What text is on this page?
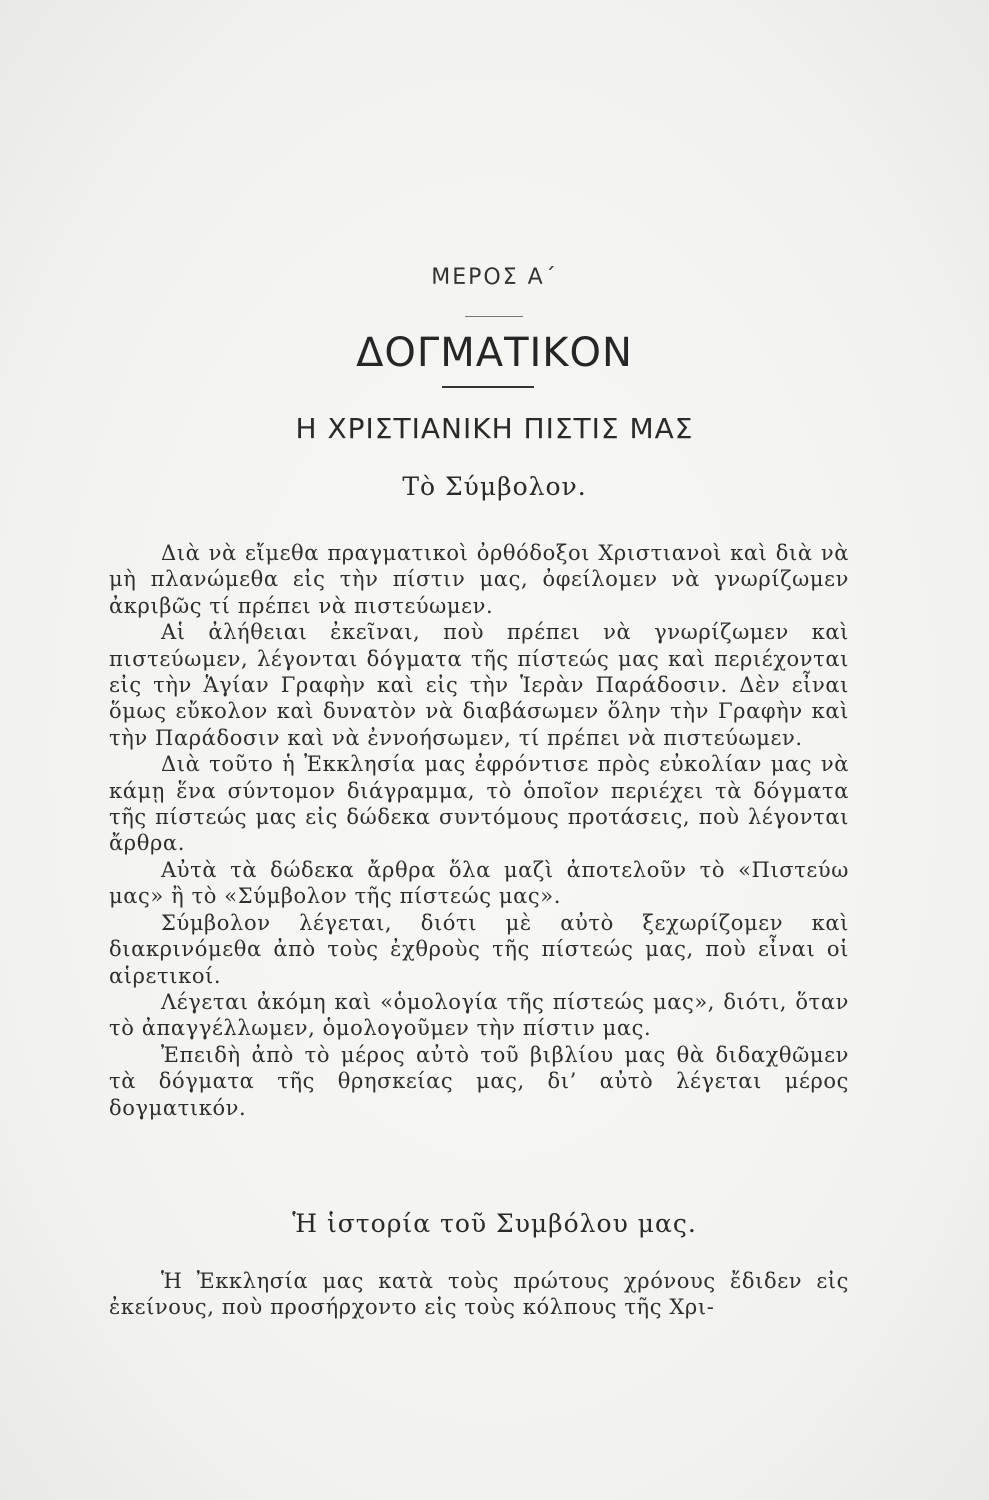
ΜΕΡΟΣ Α΄
ΔΟΓΜΑΤΙΚΟΝ
Η ΧΡΙΣΤΙΑΝΙΚΗ ΠΙΣΤΙΣ ΜΑΣ
Τὸ Σύμβολον.

Διὰ νὰ εἴμεθα πραγματικοὶ ὀρθόδοξοι Χριστιανοὶ καὶ διὰ νὰ μὴ πλανώμεθα εἰς τὴν πίστιν μας, ὀφείλομεν νὰ γνωρίζωμεν ἀκριβῶς τί πρέπει νὰ πιστεύωμεν.

Αἱ ἀλήθειαι ἐκεῖναι, ποὺ πρέπει νὰ γνωρίζωμεν καὶ πιστεύωμεν, λέγονται δόγματα τῆς πίστεώς μας καὶ περιέχονται εἰς τὴν Ἁγίαν Γραφὴν καὶ εἰς τὴν Ἱερὰν Παράδοσιν. Δὲν εἶναι ὅμως εὔκολον καὶ δυνατὸν νὰ διαβάσωμεν ὅλην τὴν Γραφὴν καὶ τὴν Παράδοσιν καὶ νὰ ἐννοήσωμεν, τί πρέπει νὰ πιστεύωμεν.

Διὰ τοῦτο ἡ Ἐκκλησία μας ἐφρόντισε πρὸς εὐκολίαν μας νὰ κάμῃ ἕνα σύντομον διάγραμμα, τὸ ὁποῖον περιέχει τὰ δόγματα τῆς πίστεώς μας εἰς δώδεκα συντόμους προτάσεις, ποὺ λέγονται ἄρθρα.

Αὐτὰ τὰ δώδεκα ἄρθρα ὅλα μαζὶ ἀποτελοῦν τὸ «Πιστεύω μας» ἢ τὸ «Σύμβολον τῆς πίστεώς μας».

Σύμβολον λέγεται, διότι μὲ αὐτὸ ξεχωρίζομεν καὶ διακρινόμεθα ἀπὸ τοὺς ἐχθροὺς τῆς πίστεώς μας, ποὺ εἶναι οἱ αἱρετικοί.

Λέγεται ἀκόμη καὶ «ὁμολογία τῆς πίστεώς μας», διότι, ὅταν τὸ ἀπαγγέλλωμεν, ὁμολογοῦμεν τὴν πίστιν μας.

Ἐπειδὴ ἀπὸ τὸ μέρος αὐτὸ τοῦ βιβλίου μας θὰ διδαχθῶμεν τὰ δόγματα τῆς θρησκείας μας, δι’ αὐτὸ λέγεται μέρος δογματικόν.

Ἡ ἱστορία τοῦ Συμβόλου μας.

Ἡ Ἐκκλησία μας κατὰ τοὺς πρώτους χρόνους ἔδιδεν εἰς ἐκείνους, ποὺ προσήρχοντο εἰς τοὺς κόλπους τῆς Χρι-
